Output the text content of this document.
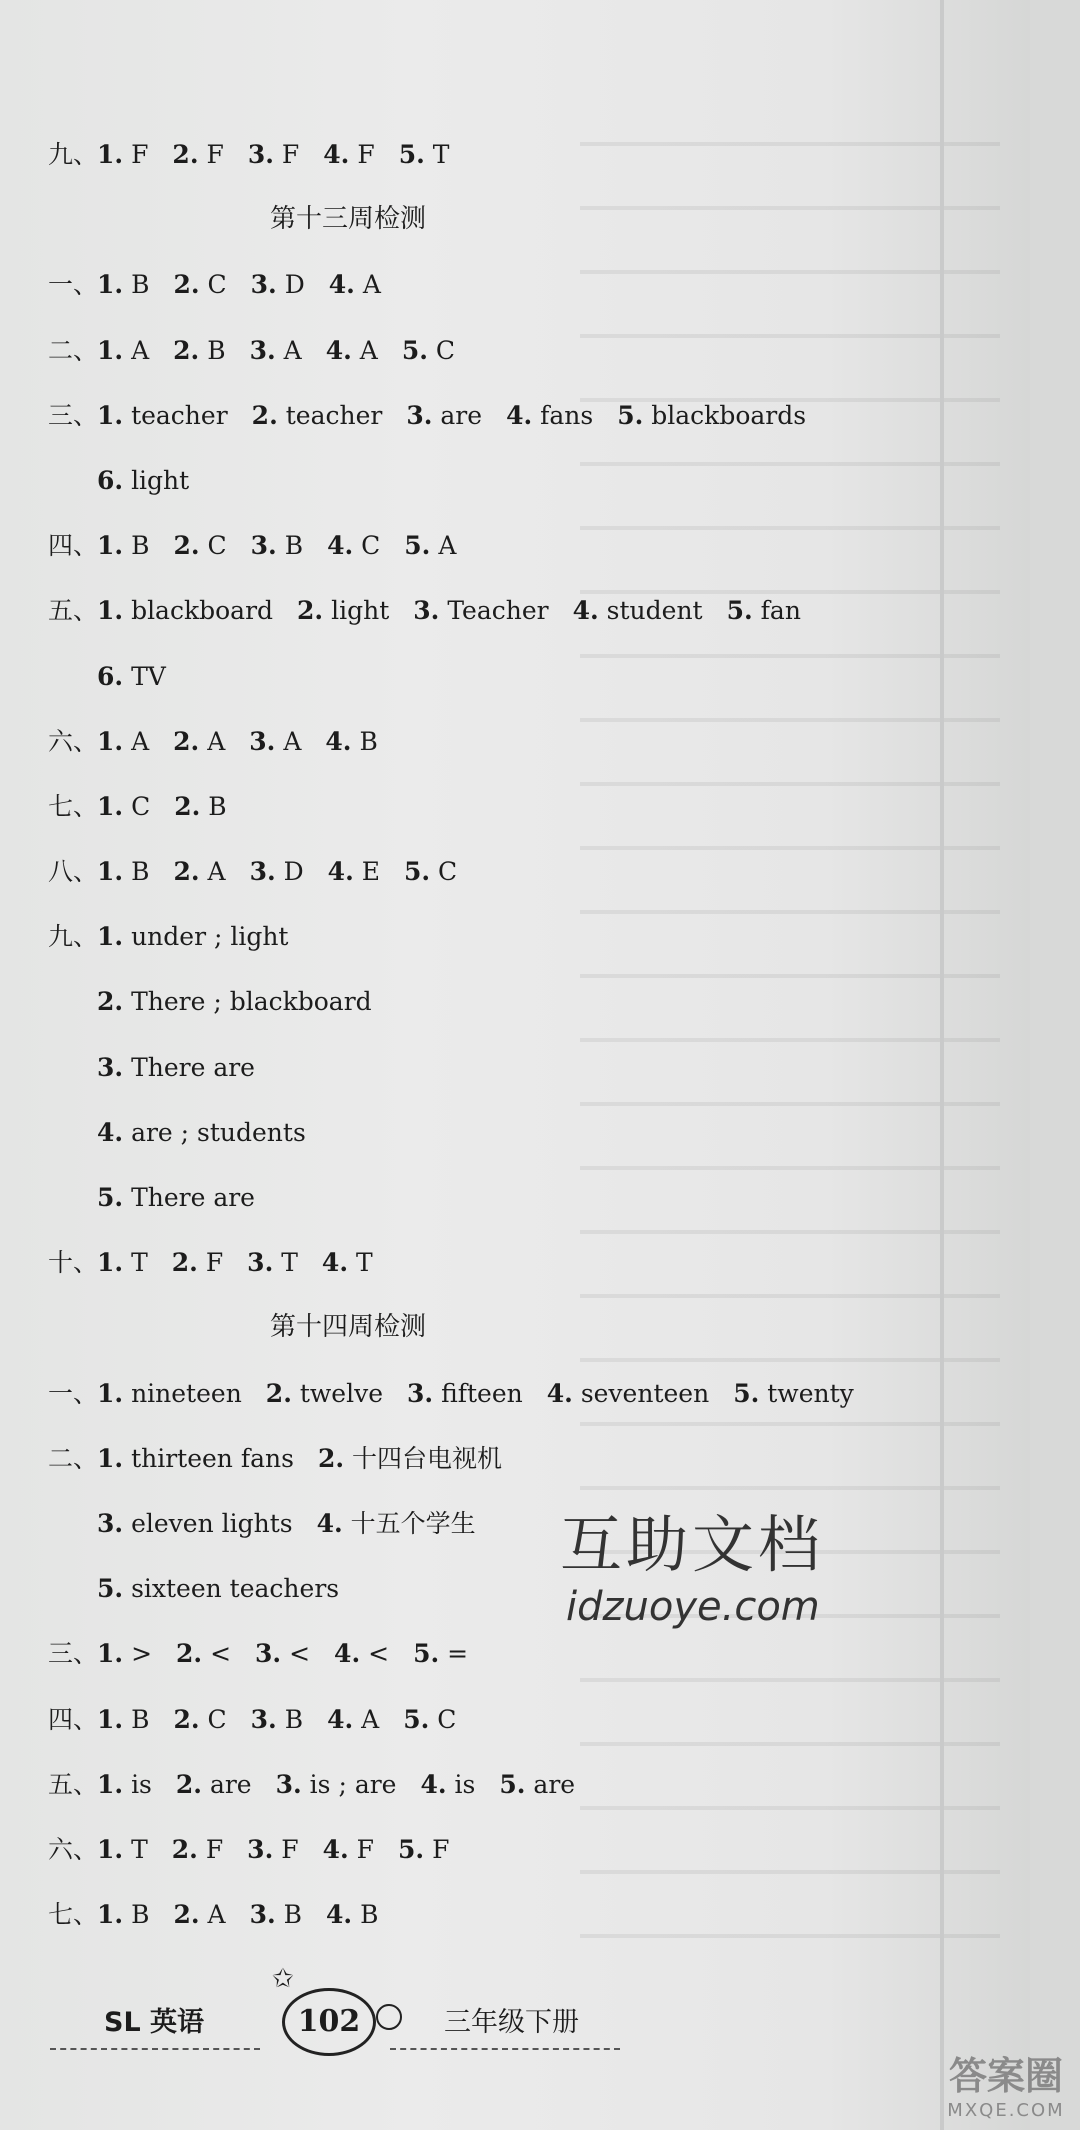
九、1. F 2. F 3. F 4. F 5. T
第十三周检测
一、1. B 2. C 3. D 4. A
二、1. A 2. B 3. A 4. A 5. C
三、1. teacher 2. teacher 3. are 4. fans 5. blackboards
6. light
四、1. B 2. C 3. B 4. C 5. A
五、1. blackboard 2. light 3. Teacher 4. student 5. fan
6. TV
六、1. A 2. A 3. A 4. B
七、1. C 2. B
八、1. B 2. A 3. D 4. E 5. C
九、1. under ; light
2. There ; blackboard
3. There are
4. are ; students
5. There are
十、1. T 2. F 3. T 4. T
第十四周检测
一、1. nineteen 2. twelve 3. fifteen 4. seventeen 5. twenty
二、1. thirteen fans 2. 十四台电视机
3. eleven lights 4. 十五个学生
5. sixteen teachers
三、1. > 2. < 3. < 4. < 5. =
四、1. B 2. C 3. B 4. A 5. C
五、1. is 2. are 3. is ; are 4. is 5. are
六、1. T 2. F 3. F 4. F 5. F
七、1. B 2. A 3. B 4. B
互助文档
idzuoye.com
SL 英语
✩
102	三年级下册
答案圈
MXQE.COM
